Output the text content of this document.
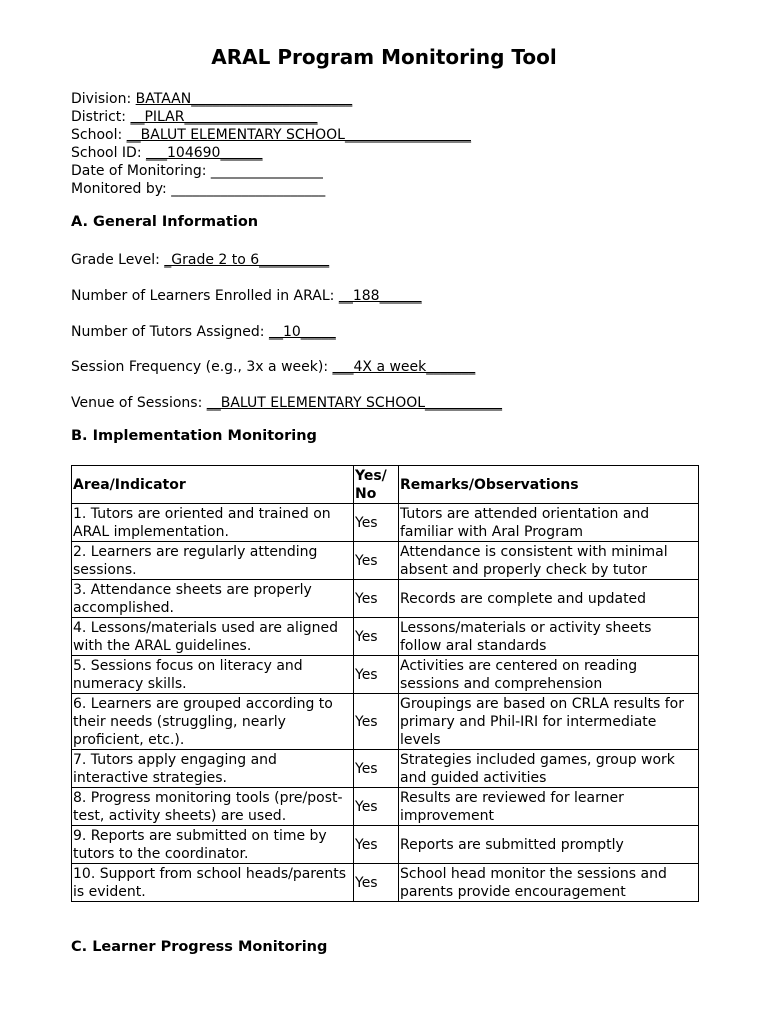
ARAL Program Monitoring Tool
Division: BATAAN_______________________
District: __PILAR___________________
School: __BALUT ELEMENTARY SCHOOL__________________
School ID: ___104690______
Date of Monitoring: ________________
Monitored by: ______________________
A. General Information
Grade Level: _Grade 2 to 6__________
Number of Learners Enrolled in ARAL: __188______
Number of Tutors Assigned: __10_____
Session Frequency (e.g., 3x a week): ___4X a week_______
Venue of Sessions: __BALUT ELEMENTARY SCHOOL___________
B. Implementation Monitoring
Area/Indicator	Yes/ No	Remarks/Observations
1. Tutors are oriented and trained on ARAL implementation.	Yes	Tutors are attended orientation and familiar with Aral Program
2. Learners are regularly attending sessions.	Yes	Attendance is consistent with minimal absent and properly check by tutor
3. Attendance sheets are properly accomplished.	Yes	Records are complete and updated
4. Lessons/materials used are aligned with the ARAL guidelines.	Yes	Lessons/materials or activity sheets follow aral standards
5. Sessions focus on literacy and numeracy skills.	Yes	Activities are centered on reading sessions and comprehension
6. Learners are grouped according to their needs (struggling, nearly proficient, etc.).	Yes	Groupings are based on CRLA results for primary and Phil-IRI for intermediate levels
7. Tutors apply engaging and interactive strategies.	Yes	Strategies included games, group work and guided activities
8. Progress monitoring tools (pre/post-test, activity sheets) are used.	Yes	Results are reviewed for learner improvement
9. Reports are submitted on time by tutors to the coordinator.	Yes	Reports are submitted promptly
10. Support from school heads/parents is evident.	Yes	School head monitor the sessions and parents provide encouragement
C. Learner Progress Monitoring
